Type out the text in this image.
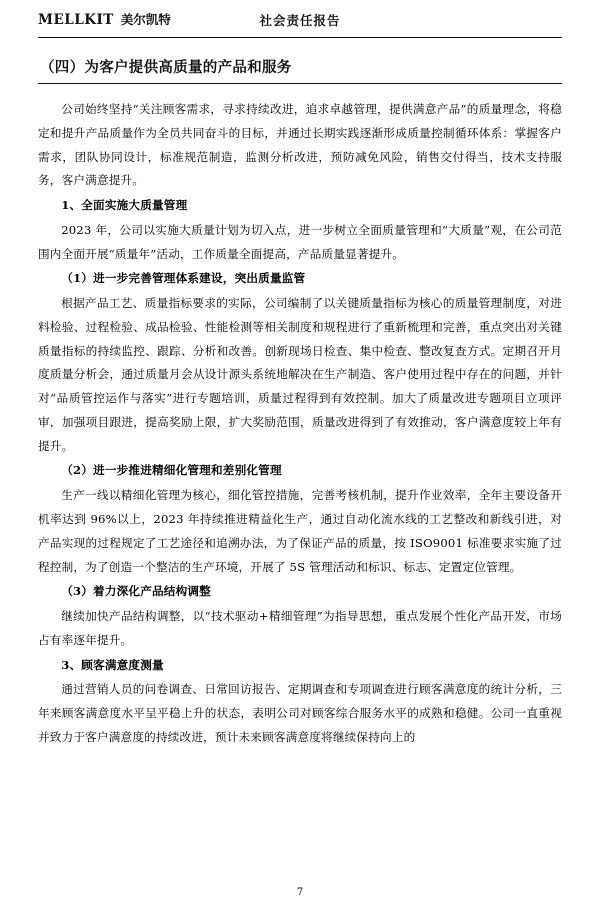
MELLKIT 美尔凯特	社会责任报告
（四）为客户提供高质量的产品和服务

公司始终坚持“关注顾客需求，寻求持续改进，追求卓越管理，提供满意产品”的质量理念，将稳定和提升产品质量作为全员共同奋斗的目标，并通过长期实践逐渐形成质量控制循环体系：掌握客户需求，团队协同设计，标准规范制造，监测分析改进，预防减免风险，销售交付得当，技术支持服务，客户满意提升。

1、全面实施大质量管理

2023 年，公司以实施大质量计划为切入点，进一步树立全面质量管理和“大质量”观，在公司范围内全面开展“质量年”活动，工作质量全面提高，产品质量显著提升。

（1）进一步完善管理体系建设，突出质量监管

根据产品工艺、质量指标要求的实际，公司编制了以关键质量指标为核心的质量管理制度，对进料检验、过程检验、成品检验、性能检测等相关制度和规程进行了重新梳理和完善，重点突出对关键质量指标的持续监控、跟踪、分析和改善。创新现场日检查、集中检查、整改复查方式。定期召开月度质量分析会，通过质量月会从设计源头系统地解决在生产制造、客户使用过程中存在的问题，并针对“品质管控运作与落实”进行专题培训，质量过程得到有效控制。加大了质量改进专题项目立项评审，加强项目跟进，提高奖励上限，扩大奖励范围，质量改进得到了有效推动，客户满意度较上年有提升。

（2）进一步推进精细化管理和差别化管理

生产一线以精细化管理为核心，细化管控措施，完善考核机制，提升作业效率，全年主要设备开机率达到 96%以上，2023 年持续推进精益化生产，通过自动化流水线的工艺整改和新线引进，对产品实现的过程规定了工艺途径和追溯办法，为了保证产品的质量，按 ISO9001 标准要求实施了过程控制，为了创造一个整洁的生产环境，开展了 5S 管理活动和标识、标志、定置定位管理。

（3）着力深化产品结构调整

继续加快产品结构调整，以“技术驱动+精细管理”为指导思想，重点发展个性化产品开发，市场占有率逐年提升。

3、顾客满意度测量

通过营销人员的问卷调查、日常回访报告、定期调查和专项调查进行顾客满意度的统计分析，三年来顾客满意度水平呈平稳上升的状态，表明公司对顾客综合服务水平的成熟和稳健。公司一直重视并致力于客户满意度的持续改进，预计未来顾客满意度将继续保持向上的

7
